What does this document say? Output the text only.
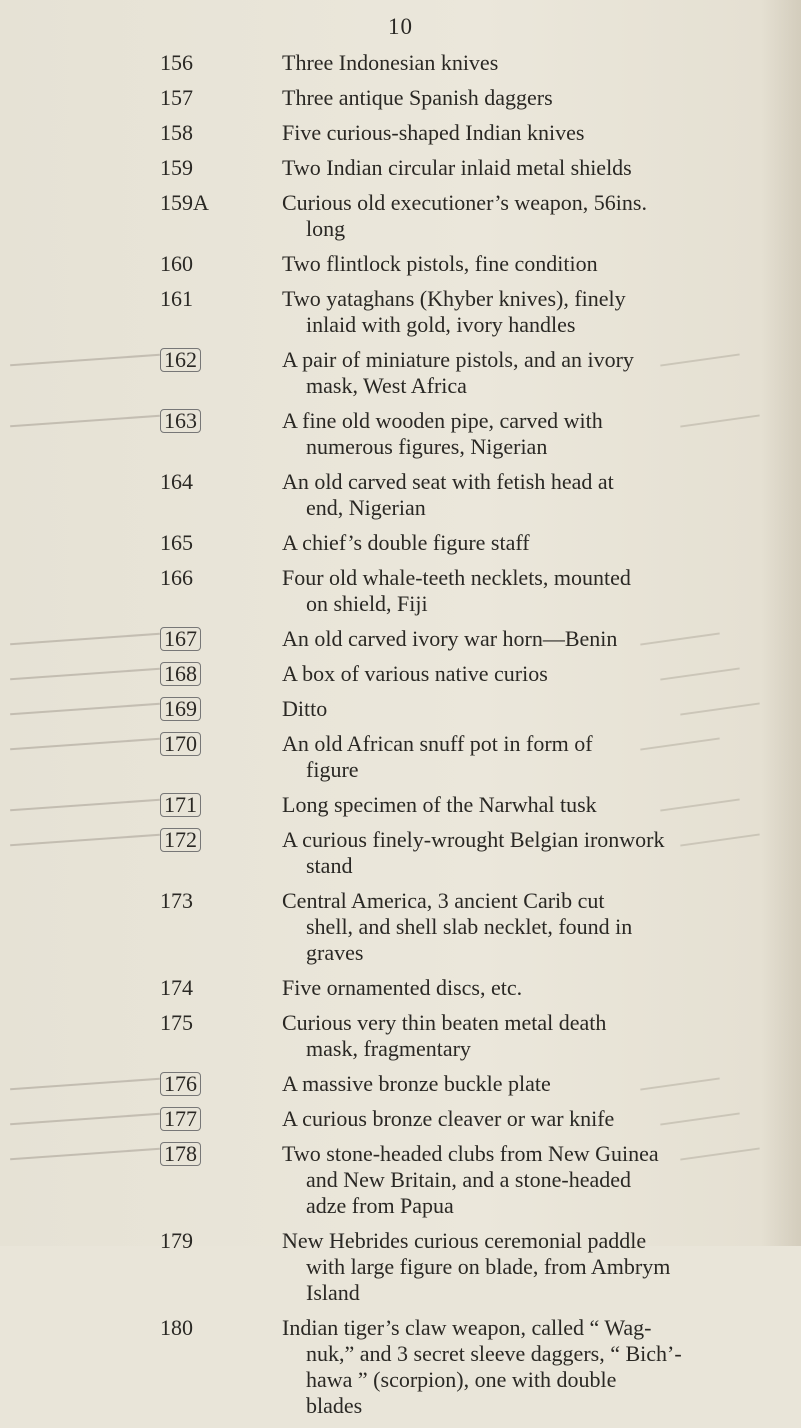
10
156	Three Indonesian knives
157	Three antique Spanish daggers
158	Five curious-shaped Indian knives
159	Two Indian circular inlaid metal shields
159A	Curious old executioner’s weapon, 56ins.
long
160	Two flintlock pistols, fine condition
161	Two yataghans (Khyber knives), finely
inlaid with gold, ivory handles
162	A pair of miniature pistols, and an ivory
mask, West Africa
163	A fine old wooden pipe, carved with
numerous figures, Nigerian
164	An old carved seat with fetish head at
end, Nigerian
165	A chief’s double figure staff
166	Four old whale-teeth necklets, mounted
on shield, Fiji
167	An old carved ivory war horn—Benin
168	A box of various native curios
169	Ditto
170	An old African snuff pot in form of
figure
171	Long specimen of the Narwhal tusk
172	A curious finely-wrought Belgian ironwork
stand
173	Central America, 3 ancient Carib cut
shell, and shell slab necklet, found in
graves
174	Five ornamented discs, etc.
175	Curious very thin beaten metal death
mask, fragmentary
176	A massive bronze buckle plate
177	A curious bronze cleaver or war knife
178	Two stone-headed clubs from New Guinea
and New Britain, and a stone-headed
adze from Papua
179	New Hebrides curious ceremonial paddle
with large figure on blade, from Ambrym
Island
180	Indian tiger’s claw weapon, called “ Wag-
nuk,” and 3 secret sleeve daggers, “ Bich’-
hawa ” (scorpion), one with double
blades
